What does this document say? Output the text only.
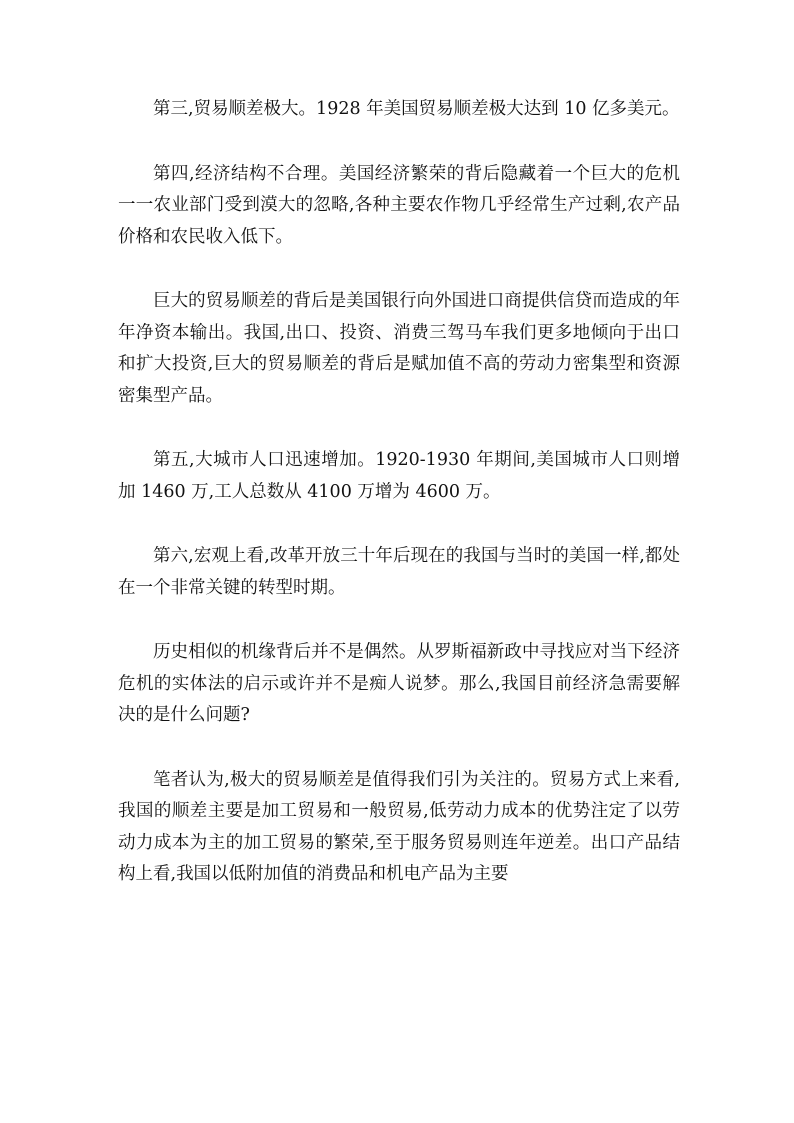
第三,贸易顺差极大。1928 年美国贸易顺差极大达到 10 亿多美元。

第四,经济结构不合理。美国经济繁荣的背后隐藏着一个巨大的危机一一农业部门受到漠大的忽略,各种主要农作物几乎经常生产过剩,农产品价格和农民收入低下。

巨大的贸易顺差的背后是美国银行向外国进口商提供信贷而造成的年年净资本输出。我国,出口、投资、消费三驾马车我们更多地倾向于出口和扩大投资,巨大的贸易顺差的背后是赋加值不高的劳动力密集型和资源密集型产品。

第五,大城市人口迅速增加。1920-1930 年期间,美国城市人口则增加 1460 万,工人总数从 4100 万增为 4600 万。

第六,宏观上看,改革开放三十年后现在的我国与当时的美国一样,都处在一个非常关键的转型时期。

历史相似的机缘背后并不是偶然。从罗斯福新政中寻找应对当下经济危机的实体法的启示或许并不是痴人说梦。那么,我国目前经济急需要解决的是什么问题?

笔者认为,极大的贸易顺差是值得我们引为关注的。贸易方式上来看,我国的顺差主要是加工贸易和一般贸易,低劳动力成本的优势注定了以劳动力成本为主的加工贸易的繁荣,至于服务贸易则连年逆差。出口产品结构上看,我国以低附加值的消费品和机电产品为主要
